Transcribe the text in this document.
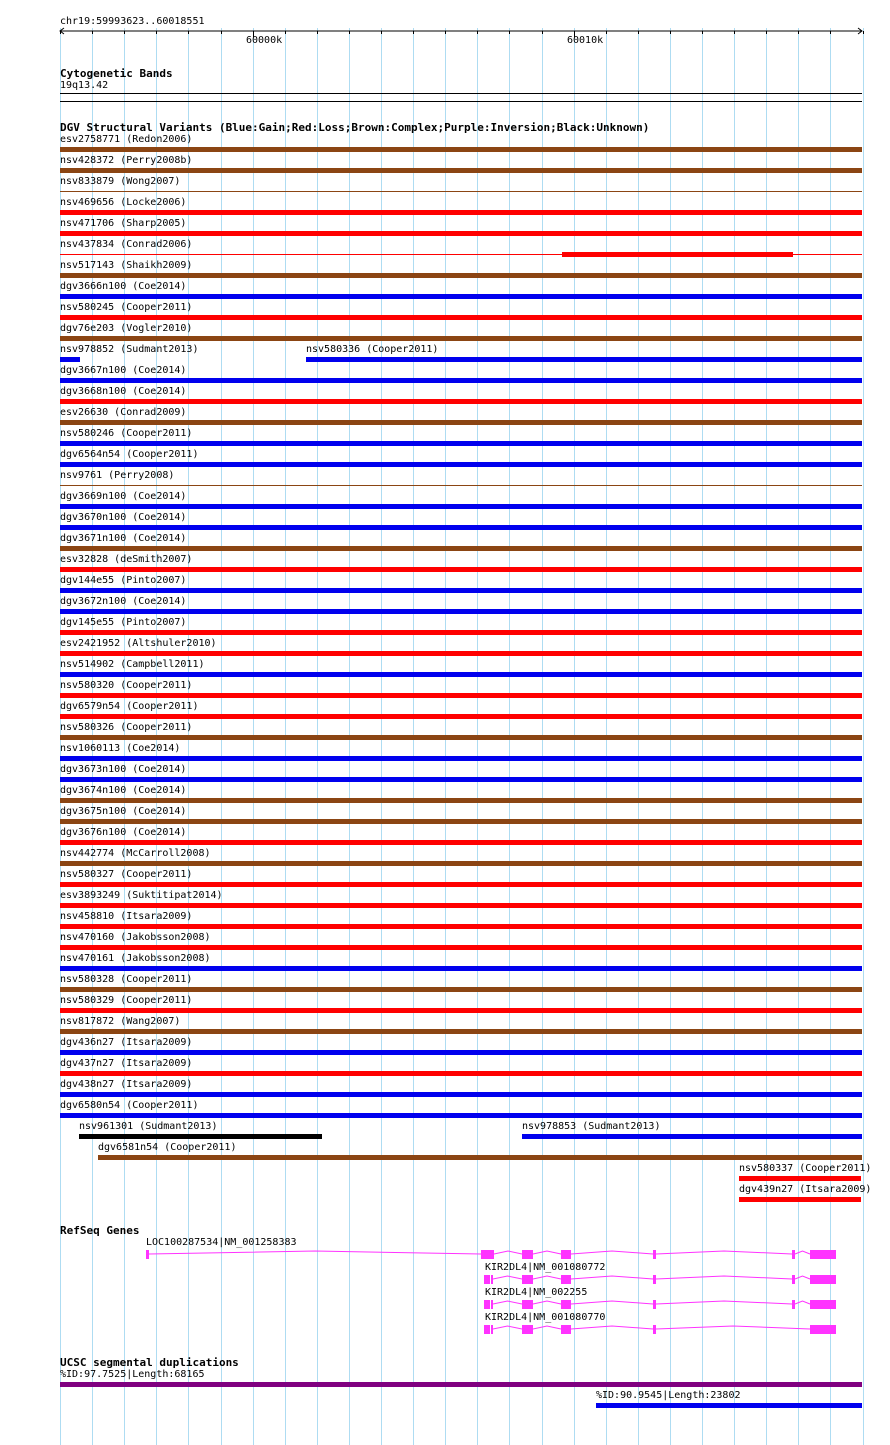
chr19:59993623..60018551
60000k	60010k
Cytogenetic Bands
19q13.42
DGV Structural Variants (Blue:Gain;Red:Loss;Brown:Complex;Purple:Inversion;Black:Unknown)
esv2758771 (Redon2006)
nsv428372 (Perry2008b)
nsv833879 (Wong2007)
nsv469656 (Locke2006)
nsv471706 (Sharp2005)
nsv437834 (Conrad2006)
nsv517143 (Shaikh2009)
dgv3666n100 (Coe2014)
nsv580245 (Cooper2011)
dgv76e203 (Vogler2010)
nsv978852 (Sudmant2013)	nsv580336 (Cooper2011)
dgv3667n100 (Coe2014)
dgv3668n100 (Coe2014)
esv26630 (Conrad2009)
nsv580246 (Cooper2011)
dgv6564n54 (Cooper2011)
nsv9761 (Perry2008)
dgv3669n100 (Coe2014)
dgv3670n100 (Coe2014)
dgv3671n100 (Coe2014)
esv32828 (deSmith2007)
dgv144e55 (Pinto2007)
dgv3672n100 (Coe2014)
dgv145e55 (Pinto2007)
esv2421952 (Altshuler2010)
nsv514902 (Campbell2011)
nsv580320 (Cooper2011)
dgv6579n54 (Cooper2011)
nsv580326 (Cooper2011)
nsv1060113 (Coe2014)
dgv3673n100 (Coe2014)
dgv3674n100 (Coe2014)
dgv3675n100 (Coe2014)
dgv3676n100 (Coe2014)
nsv442774 (McCarroll2008)
nsv580327 (Cooper2011)
esv3893249 (Suktitipat2014)
nsv458810 (Itsara2009)
nsv470160 (Jakobsson2008)
nsv470161 (Jakobsson2008)
nsv580328 (Cooper2011)
nsv580329 (Cooper2011)
nsv817872 (Wang2007)
dgv436n27 (Itsara2009)
dgv437n27 (Itsara2009)
dgv438n27 (Itsara2009)
dgv6580n54 (Cooper2011)
nsv961301 (Sudmant2013)	nsv978853 (Sudmant2013)
dgv6581n54 (Cooper2011)
nsv580337 (Cooper2011)
dgv439n27 (Itsara2009)
RefSeq Genes
LOC100287534|NM_001258383
KIR2DL4|NM_001080772
KIR2DL4|NM_002255
KIR2DL4|NM_001080770
UCSC segmental duplications
%ID:97.7525|Length:68165
%ID:90.9545|Length:23802
